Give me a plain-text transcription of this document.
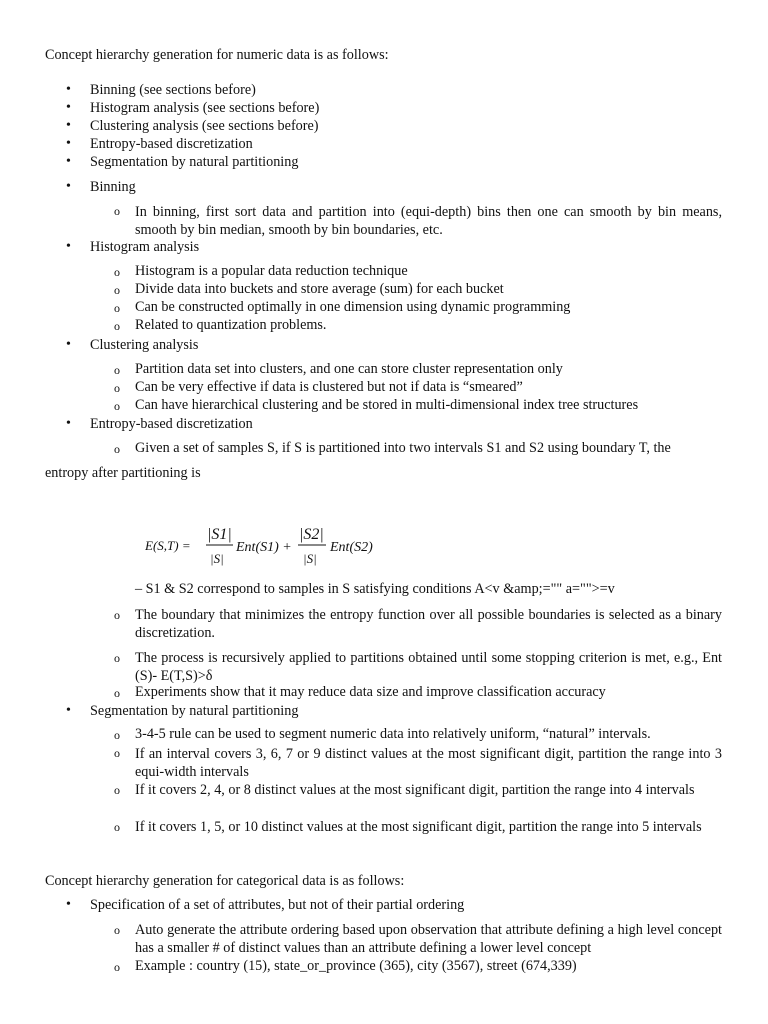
Concept hierarchy generation for numeric data is as follows:
• Binning (see sections before)
• Histogram analysis (see sections before)
• Clustering analysis (see sections before)
• Entropy-based discretization
• Segmentation by natural partitioning
• Binning
o In binning, first sort data and partition into (equi-depth) bins then one can smooth by bin means, smooth by bin median, smooth by bin boundaries, etc.
• Histogram analysis
o Histogram is a popular data reduction technique
o Divide data into buckets and store average (sum) for each bucket
o Can be constructed optimally in one dimension using dynamic programming
o Related to quantization problems.
• Clustering analysis
o Partition data set into clusters, and one can store cluster representation only
o Can be very effective if data is clustered but not if data is “smeared”
o Can have hierarchical clustering and be stored in multi-dimensional index tree structures
• Entropy-based discretization
o Given a set of samples S, if S is partitioned into two intervals S1 and S2 using boundary T, the
entropy after partitioning is
E(S,T) =
|S1|
|S|
Ent(S1) +
|S2|
|S|
Ent(S2)
– S1 & S2 correspond to samples in S satisfying conditions A<v &amp;="" a="">=v
o The boundary that minimizes the entropy function over all possible boundaries is selected as a binary discretization.
o The process is recursively applied to partitions obtained until some stopping criterion is met, e.g., Ent (S)- E(T,S)>δ
o Experiments show that it may reduce data size and improve classification accuracy
• Segmentation by natural partitioning
o 3-4-5 rule can be used to segment numeric data into relatively uniform, “natural” intervals.
o If an interval covers 3, 6, 7 or 9 distinct values at the most significant digit, partition the range into 3 equi-width intervals
o If it covers 2, 4, or 8 distinct values at the most significant digit, partition the range into 4 intervals
o If it covers 1, 5, or 10 distinct values at the most significant digit, partition the range into 5 intervals
Concept hierarchy generation for categorical data is as follows:
• Specification of a set of attributes, but not of their partial ordering
o Auto generate the attribute ordering based upon observation that attribute defining a high level concept has a smaller # of distinct values than an attribute defining a lower level concept
o Example : country (15), state_or_province (365), city (3567), street (674,339)
